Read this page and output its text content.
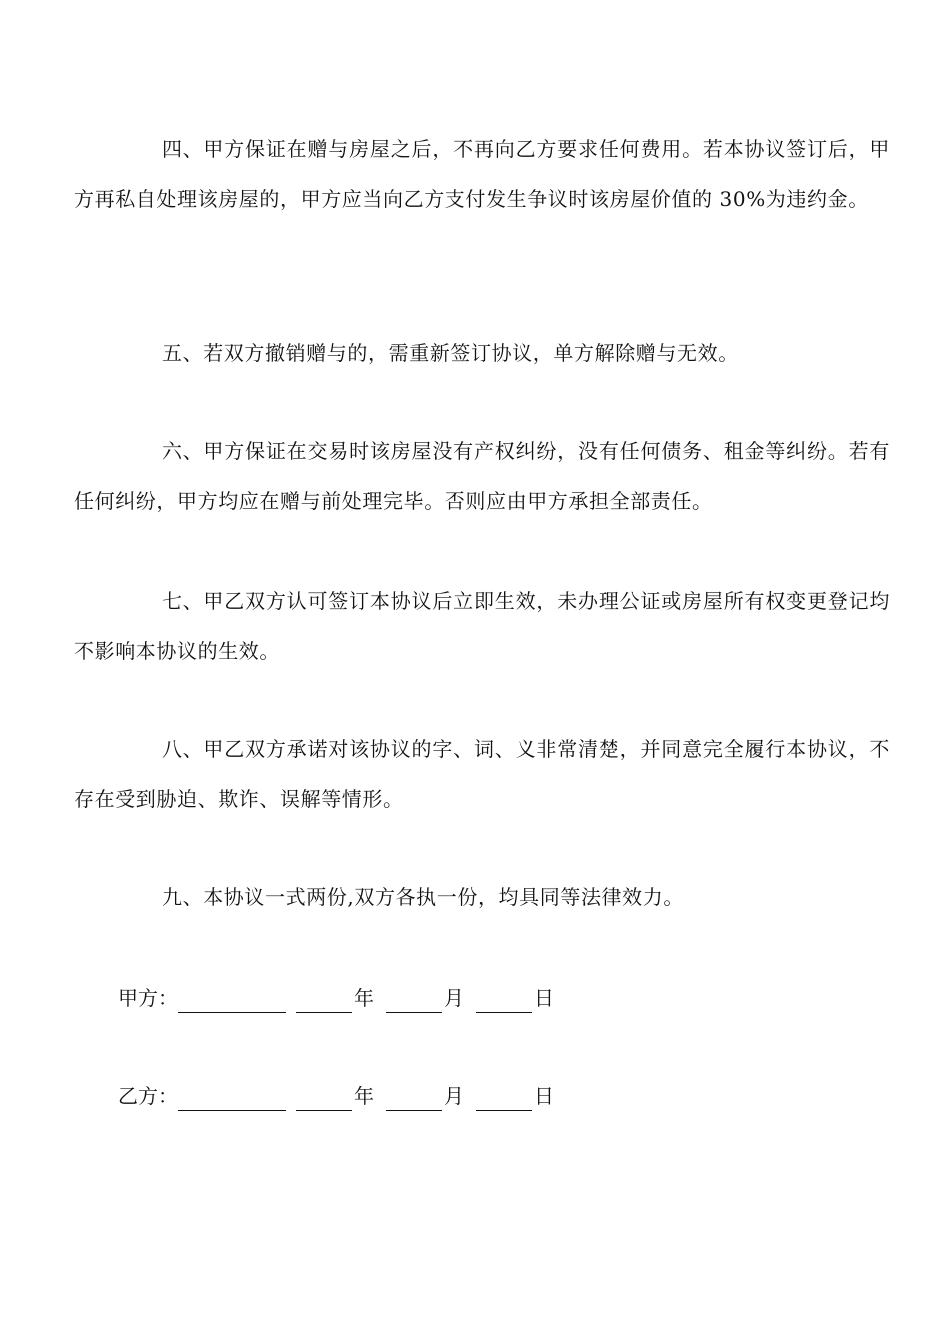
四、甲方保证在赠与房屋之后，不再向乙方要求任何费用。若本协议签订后，甲方再私自处理该房屋的，甲方应当向乙方支付发生争议时该房屋价值的 30%为违约金。

五、若双方撤销赠与的，需重新签订协议，单方解除赠与无效。

六、甲方保证在交易时该房屋没有产权纠纷，没有任何债务、租金等纠纷。若有任何纠纷，甲方均应在赠与前处理完毕。否则应由甲方承担全部责任。

七、甲乙双方认可签订本协议后立即生效，未办理公证或房屋所有权变更登记均不影响本协议的生效。

八、甲乙双方承诺对该协议的字、词、义非常清楚，并同意完全履行本协议，不存在受到胁迫、欺诈、误解等情形。

九、本协议一式两份,双方各执一份，均具同等法律效力。

甲方：	年	月	日
乙方：	年	月	日
